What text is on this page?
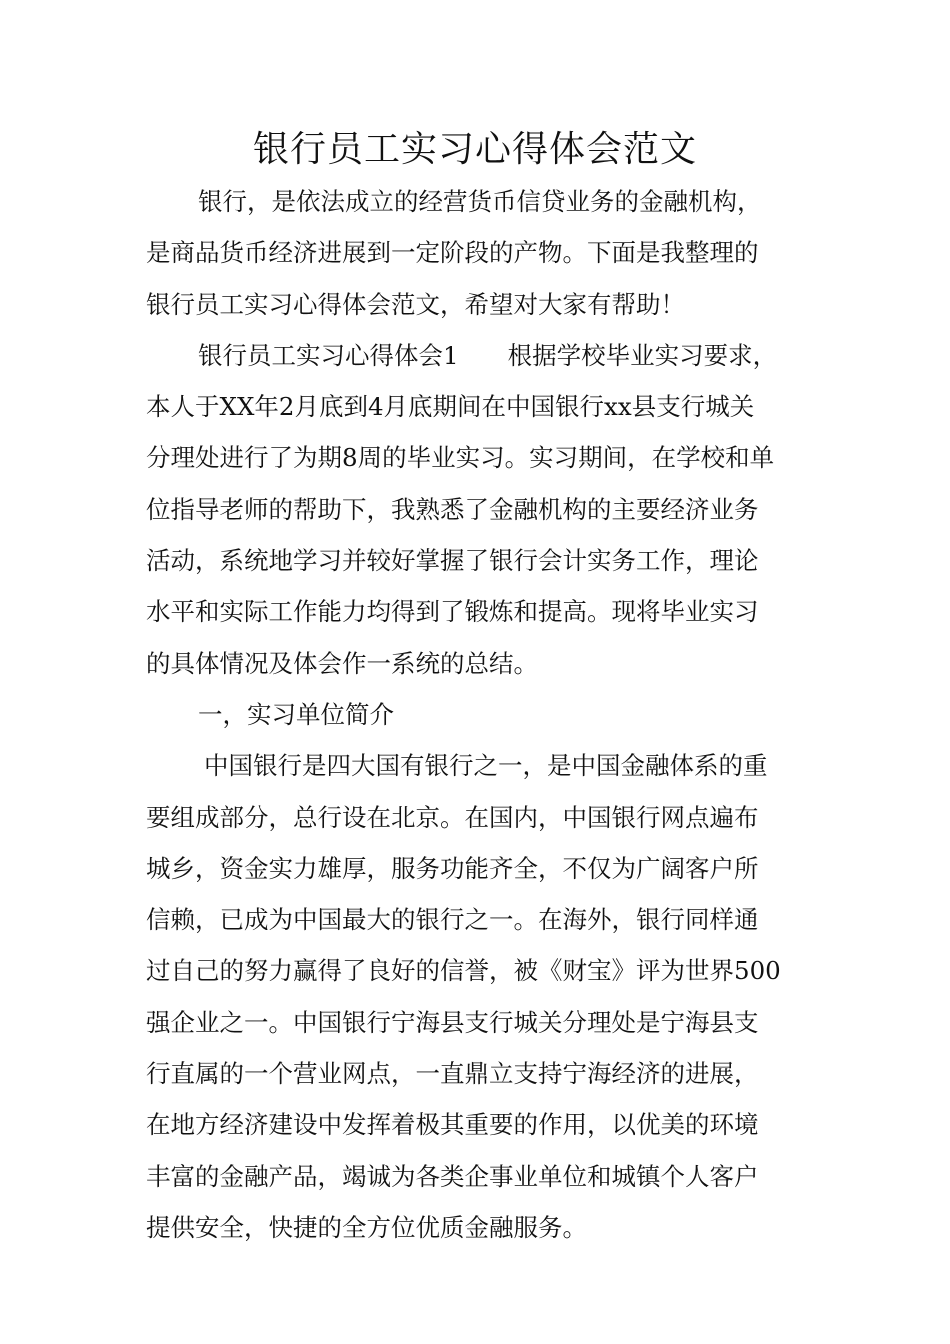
银行员工实习心得体会范文
银行，是依法成立的经营货币信贷业务的金融机构，
是商品货币经济进展到一定阶段的产物。下面是我整理的
银行员工实习心得体会范文，希望对大家有帮助！
银行员工实习心得体会1　　根据学校毕业实习要求，
本人于XX年2月底到4月底期间在中国银行xx县支行城关
分理处进行了为期8周的毕业实习。实习期间，在学校和单
位指导老师的帮助下，我熟悉了金融机构的主要经济业务
活动，系统地学习并较好掌握了银行会计实务工作，理论
水平和实际工作能力均得到了锻炼和提高。现将毕业实习
的具体情况及体会作一系统的总结。
一，实习单位简介
中国银行是四大国有银行之一，是中国金融体系的重
要组成部分，总行设在北京。在国内，中国银行网点遍布
城乡，资金实力雄厚，服务功能齐全，不仅为广阔客户所
信赖，已成为中国最大的银行之一。在海外，银行同样通
过自己的努力赢得了良好的信誉，被《财宝》评为世界500
强企业之一。中国银行宁海县支行城关分理处是宁海县支
行直属的一个营业网点，一直鼎立支持宁海经济的进展，
在地方经济建设中发挥着极其重要的作用，以优美的环境
丰富的金融产品，竭诚为各类企事业单位和城镇个人客户
提供安全，快捷的全方位优质金融服务。
